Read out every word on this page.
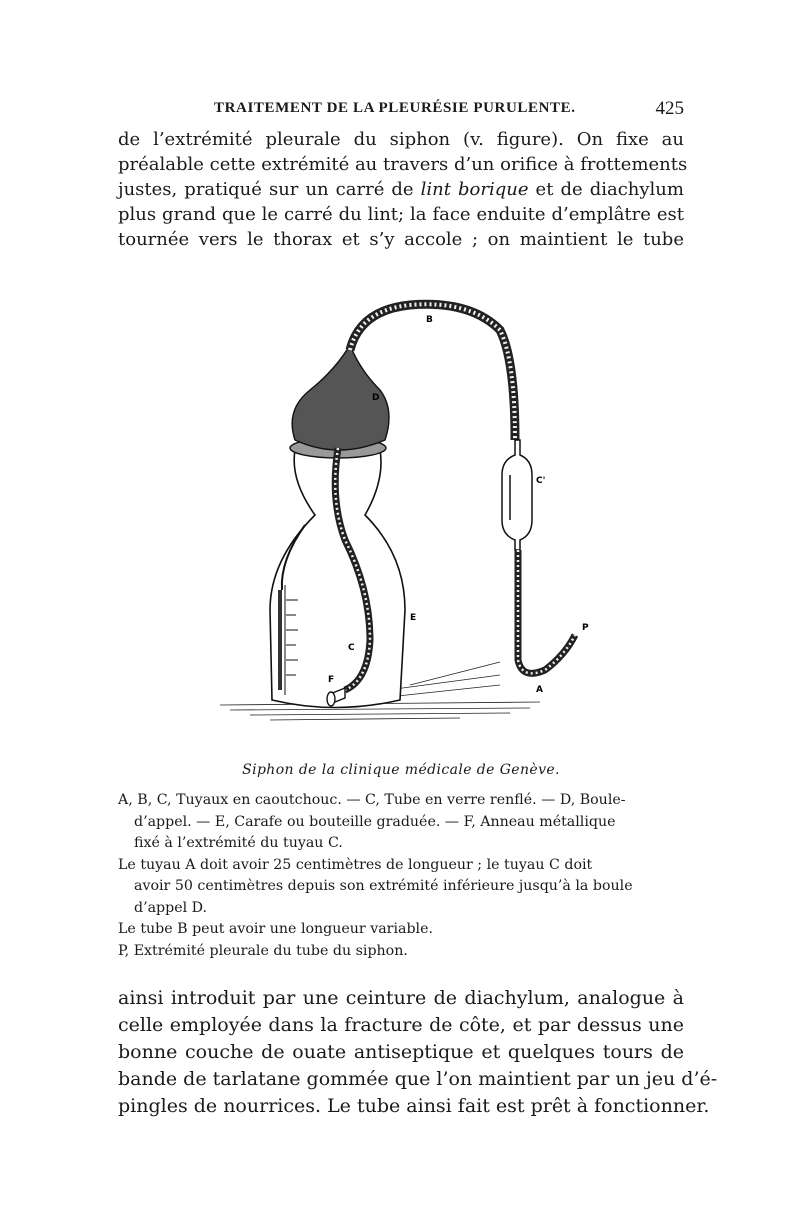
TRAITEMENT DE LA PLEURÉSIE PURULENTE.	425
de l’extrémité pleurale du siphon (v. figure). On fixe au
préalable cette extrémité au travers d’un orifice à frottements
justes, pratiqué sur un carré de lint borique et de diachylum
plus grand que le carré du lint; la face enduite d’emplâtre est
tournée vers le thorax et s’y accole ; on maintient le tube
B
D
C'
E
C
F
P
A
Siphon de la clinique médicale de Genève.
A, B, C, Tuyaux en caoutchouc. — C, Tube en verre renflé. — D, Boule-
d’appel. — E, Carafe ou bouteille graduée. — F, Anneau métallique
fixé à l’extrémité du tuyau C.
Le tuyau A doit avoir 25 centimètres de longueur ; le tuyau C doit
avoir 50 centimètres depuis son extrémité inférieure jusqu’à la boule
d’appel D.
Le tube B peut avoir une longueur variable.
P, Extrémité pleurale du tube du siphon.
ainsi introduit par une ceinture de diachylum, analogue à
celle employée dans la fracture de côte, et par dessus une
bonne couche de ouate antiseptique et quelques tours de
bande de tarlatane gommée que l’on maintient par un jeu d’é-
pingles de nourrices. Le tube ainsi fait est prêt à fonctionner.
